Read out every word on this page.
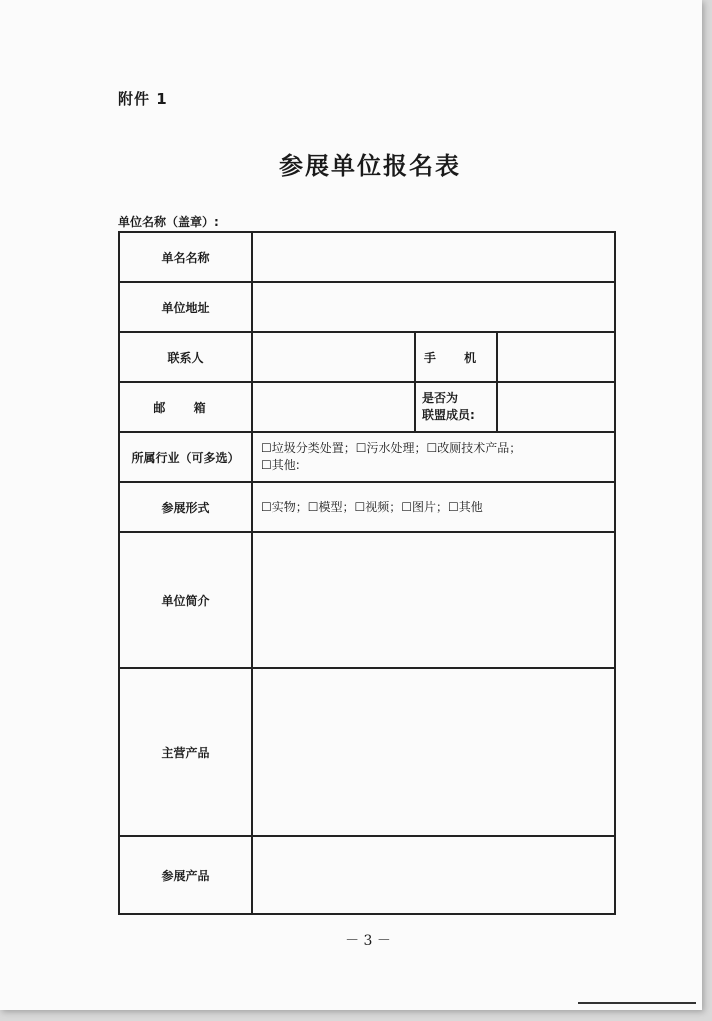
附件 1
参展单位报名表
单位名称（盖章）:
单名名称			
单位地址			
联系人		手 机	
邮 箱		是否为
联盟成员:	

所属行业（可多选）	☐垃圾分类处置；☐污水处理；☐改厕技术产品；
☐其他:		

参展形式	☐实物；☐模型；☐视频；☐图片；☐其他		
单位简介			
主营产品			
参展产品			
－ 3 －
